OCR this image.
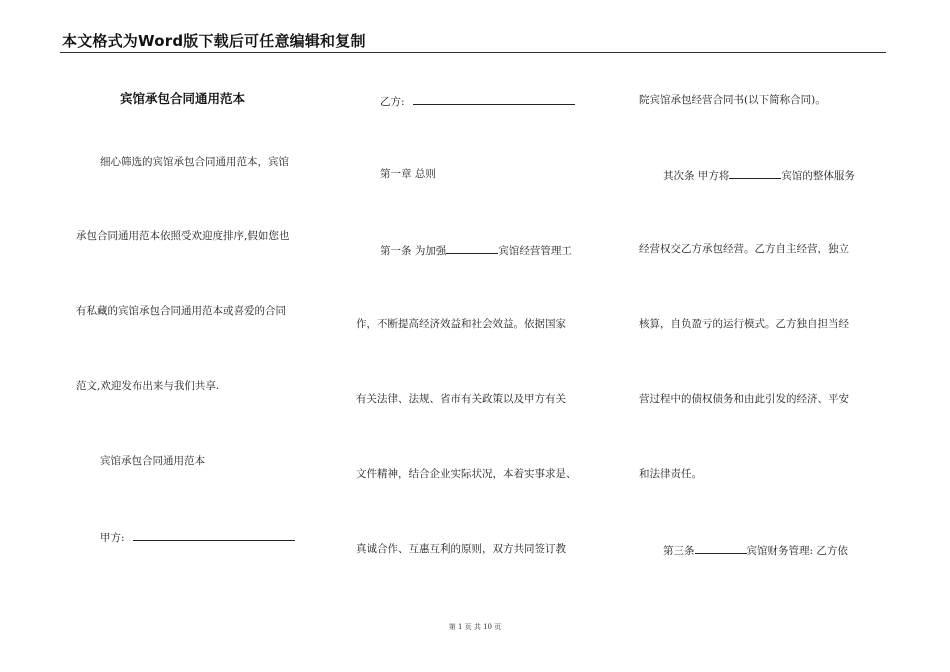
本文格式为Word版下载后可任意编辑和复制
宾馆承包合同通用范本
细心筛选的宾馆承包合同通用范本，宾馆
承包合同通用范本依照受欢迎度排序,假如您也
有私藏的宾馆承包合同通用范本或喜爱的合同
范文,欢迎发布出来与我们共享.
宾馆承包合同通用范本
甲方:
乙方:
第一章 总则
第一条 为加强	宾馆经营管理工
作，不断提高经济效益和社会效益。依据国家
有关法律、法规、省市有关政策以及甲方有关
文件精神，结合企业实际状况，本着实事求是、
真诚合作、互惠互利的原则，双方共同签订教
院宾馆承包经营合同书(以下简称合同)。
其次条 甲方将	宾馆的整体服务
经营权交乙方承包经营。乙方自主经营，独立
核算，自负盈亏的运行模式。乙方独自担当经
营过程中的债权债务和由此引发的经济、平安
和法律责任。
第三条	宾馆财务管理: 乙方依
第 1 页 共 10 页
